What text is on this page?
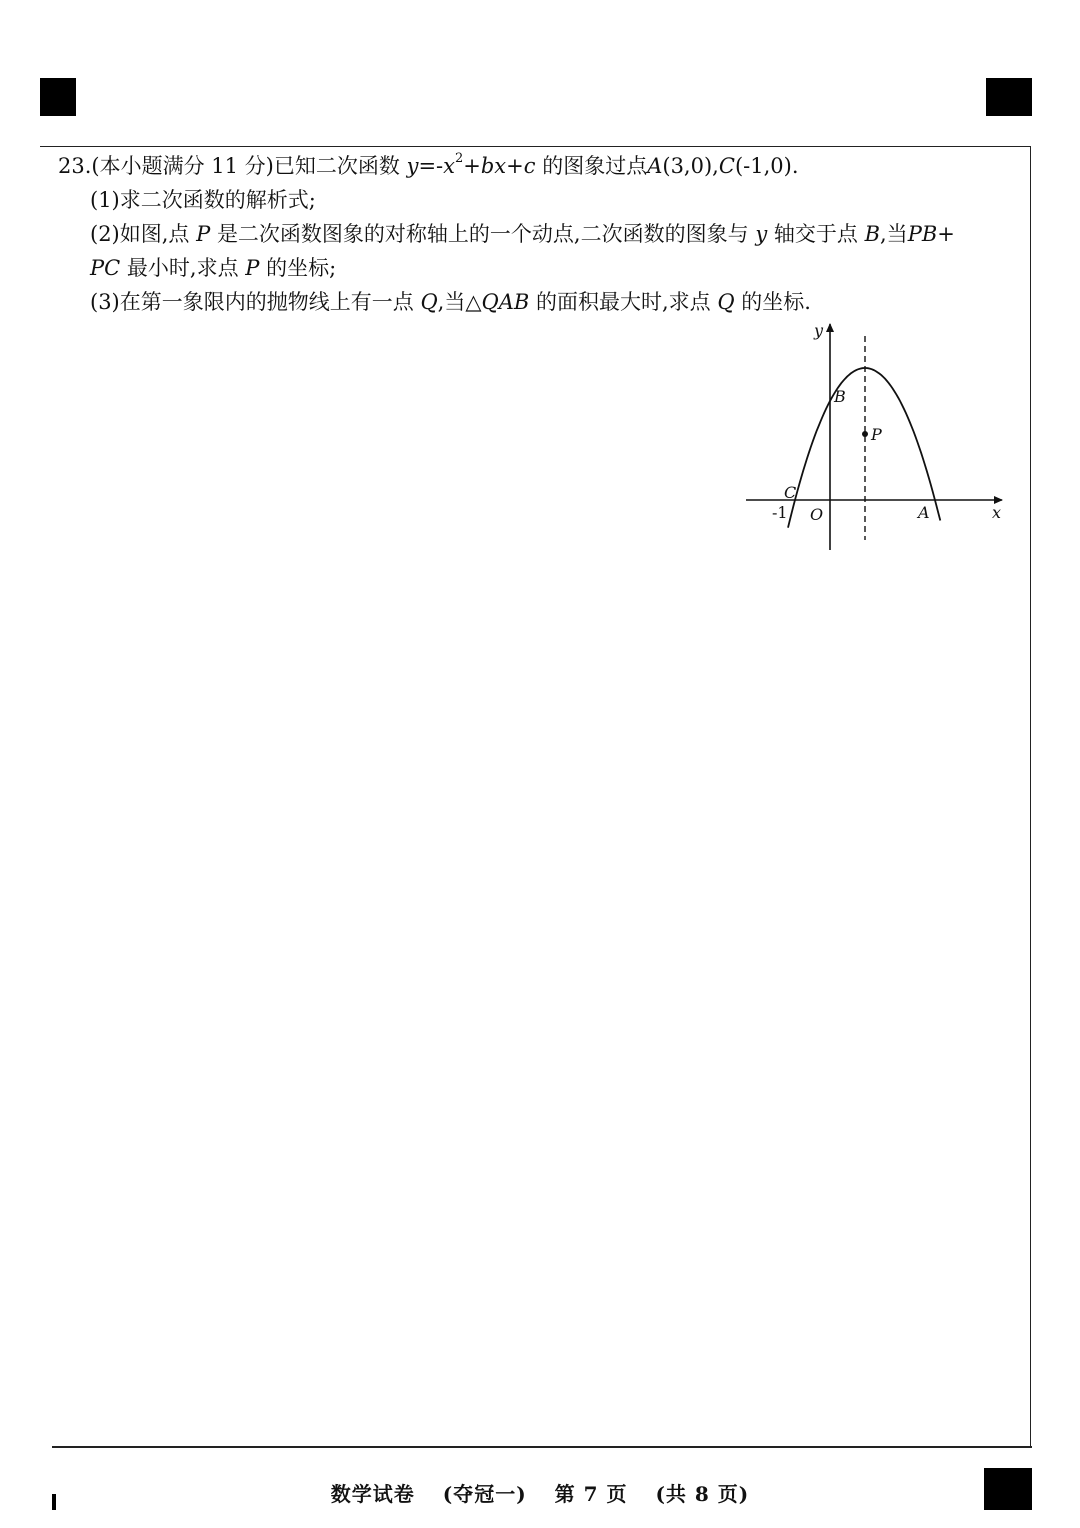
23.(本小题满分 11 分)已知二次函数 $y=-x^2+bx+c$ 的图象过点A(3,0),C(-1,0).
(1)求二次函数的解析式;
(2)如图,点 P 是二次函数图象的对称轴上的一个动点,二次函数的图象与 y 轴交于点 B,当PB+
PC 最小时,求点 P 的坐标;
(3)在第一象限内的抛物线上有一点 Q,当△QAB 的面积最大时,求点 Q 的坐标.
y
x
O
B
P
C
A
-1
数学试卷 (夺冠一) 第 7 页 (共 8 页)
